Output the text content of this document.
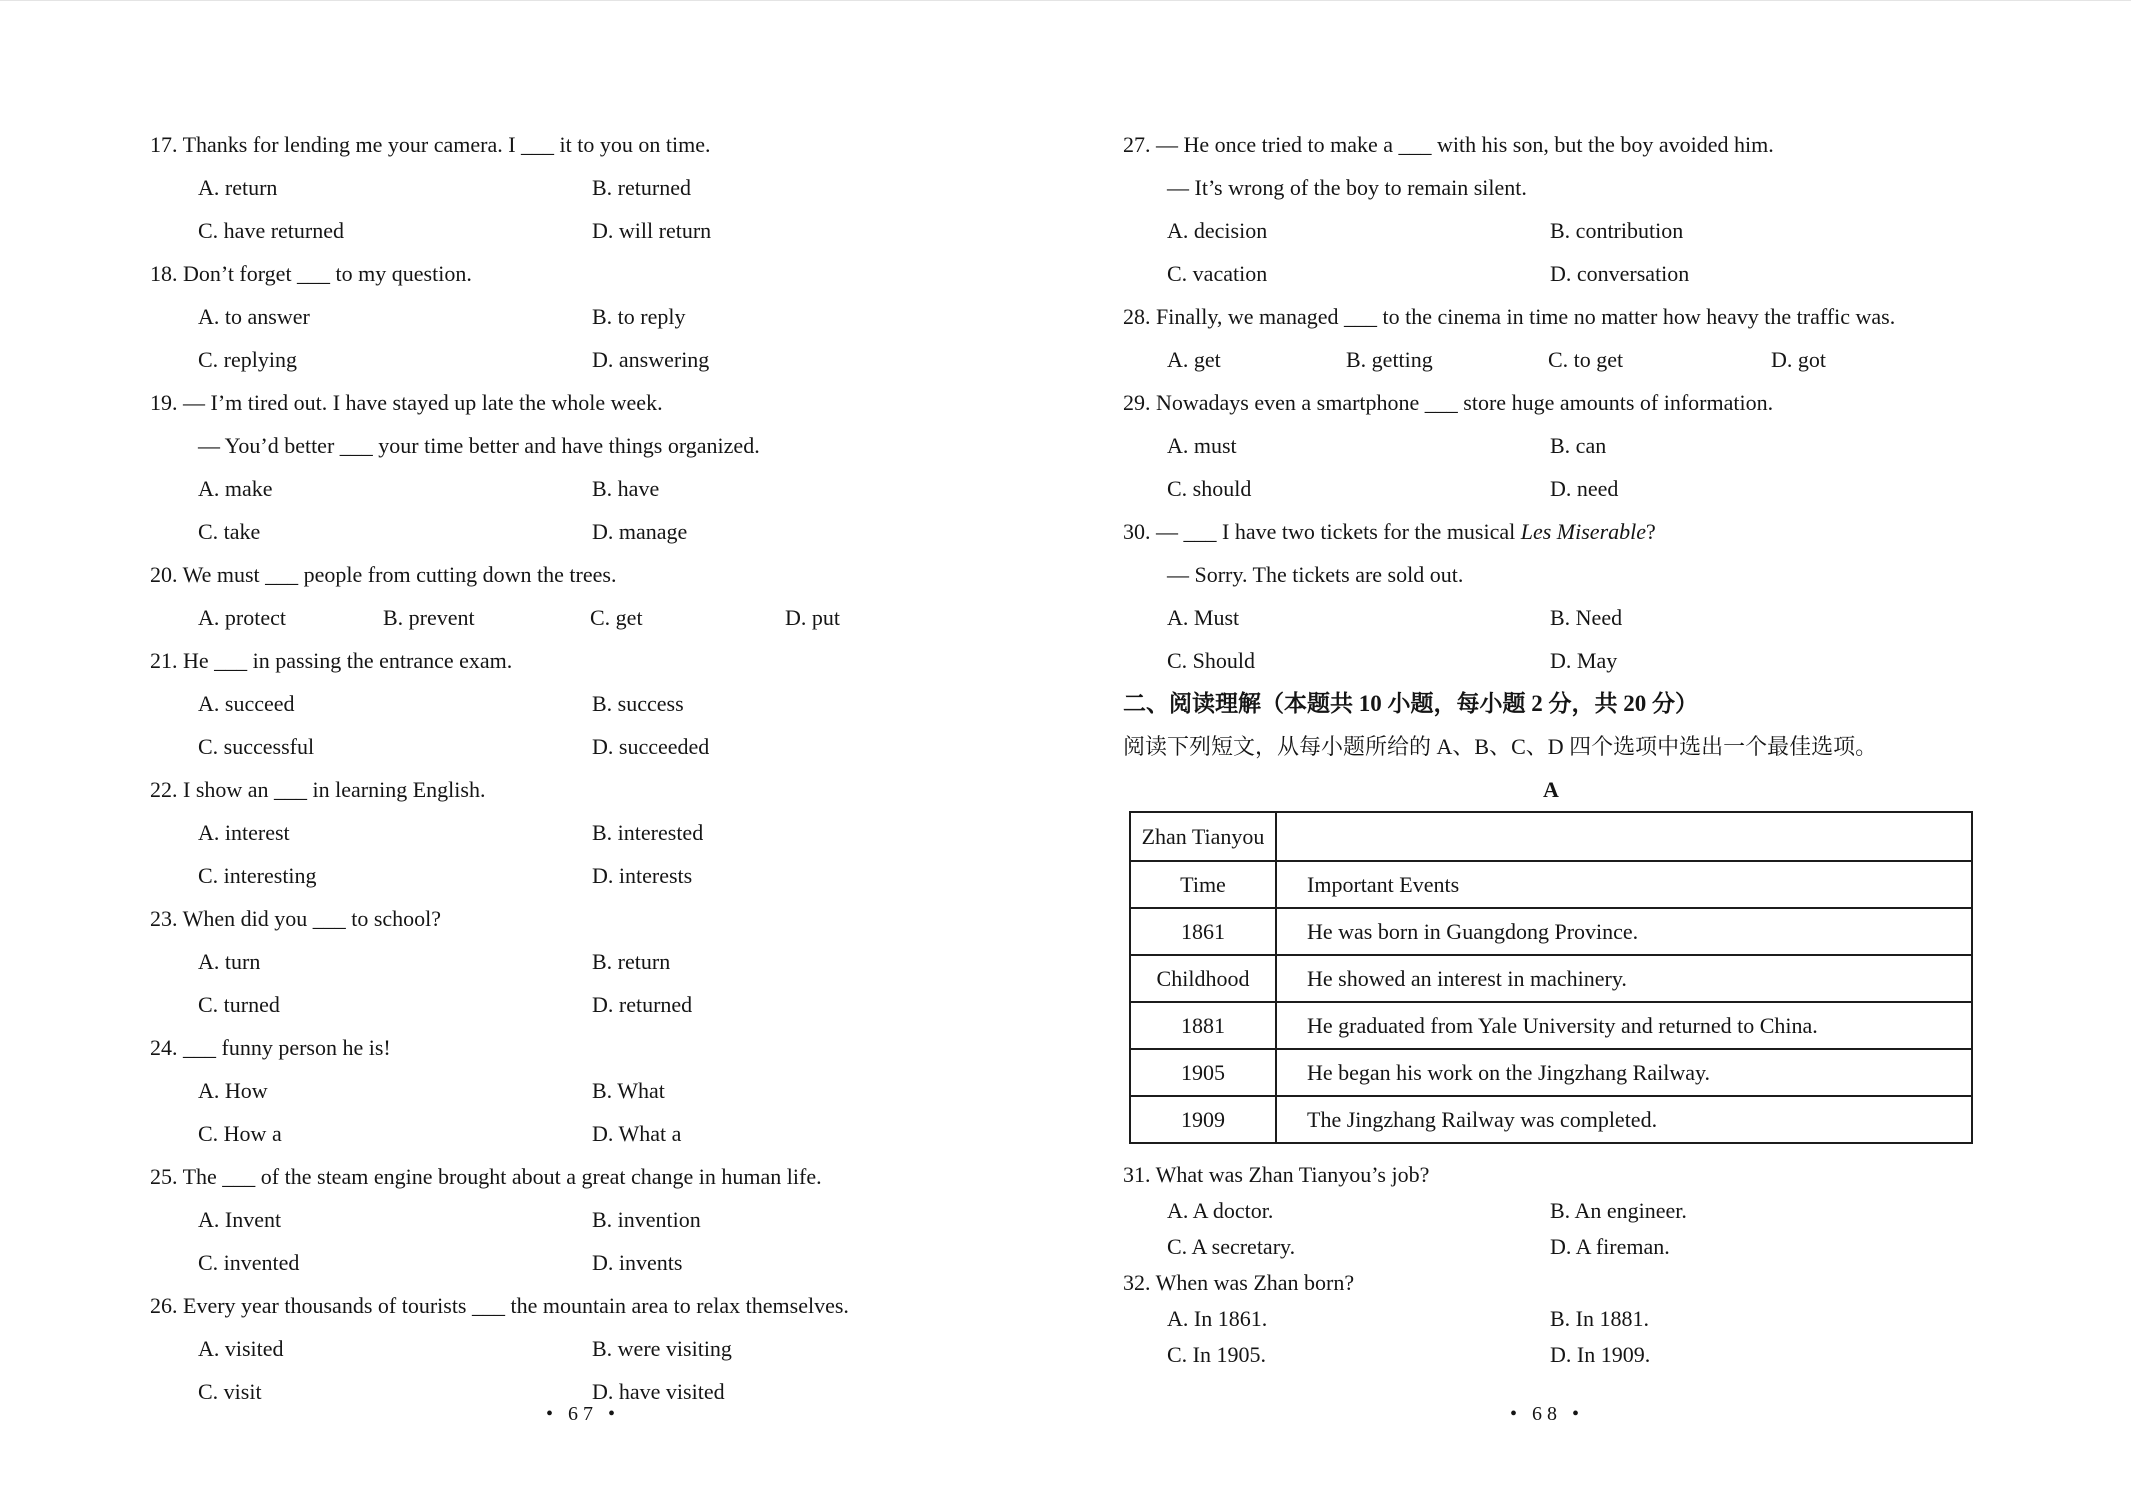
17. Thanks for lending me your camera. I ___ it to you on time.
A. return	B. returned
C. have returned	D. will return
18. Don’t forget ___ to my question.
A. to answer	B. to reply
C. replying	D. answering
19. — I’m tired out. I have stayed up late the whole week.
— You’d better ___ your time better and have things organized.
A. make	B. have
C. take	D. manage
20. We must ___ people from cutting down the trees.
A. protect	B. prevent	C. get	D. put
21. He ___ in passing the entrance exam.
A. succeed	B. success
C. successful	D. succeeded
22. I show an ___ in learning English.
A. interest	B. interested
C. interesting	D. interests
23. When did you ___ to school?
A. turn	B. return
C. turned	D. returned
24. ___ funny person he is!
A. How	B. What
C. How a	D. What a
25. The ___ of the steam engine brought about a great change in human life.
A. Invent	B. invention
C. invented	D. invents
26. Every year thousands of tourists ___ the mountain area to relax themselves.
A. visited	B. were visiting
C. visit	D. have visited
27. — He once tried to make a ___ with his son, but the boy avoided him.
— It’s wrong of the boy to remain silent.
A. decision	B. contribution
C. vacation	D. conversation
28. Finally, we managed ___ to the cinema in time no matter how heavy the traffic was.
A. get	B. getting	C. to get	D. got
29. Nowadays even a smartphone ___ store huge amounts of information.
A. must	B. can
C. should	D. need
30. — ___ I have two tickets for the musical Les Miserable?
— Sorry. The tickets are sold out.
A. Must	B. Need
C. Should	D. May
二、阅读理解（本题共 10 小题，每小题 2 分，共 20 分）
阅读下列短文，从每小题所给的 A、B、C、D 四个选项中选出一个最佳选项。
A
Zhan Tianyou	
Time	Important Events
1861	He was born in Guangdong Province.
Childhood	He showed an interest in machinery.
1881	He graduated from Yale University and returned to China.
1905	He began his work on the Jingzhang Railway.
1909	The Jingzhang Railway was completed.
31. What was Zhan Tianyou’s job?
A. A doctor.	B. An engineer.
C. A secretary.	D. A fireman.
32. When was Zhan born?
A. In 1861.	B. In 1881.
C. In 1905.	D. In 1909.
• 67 •	• 68 •
